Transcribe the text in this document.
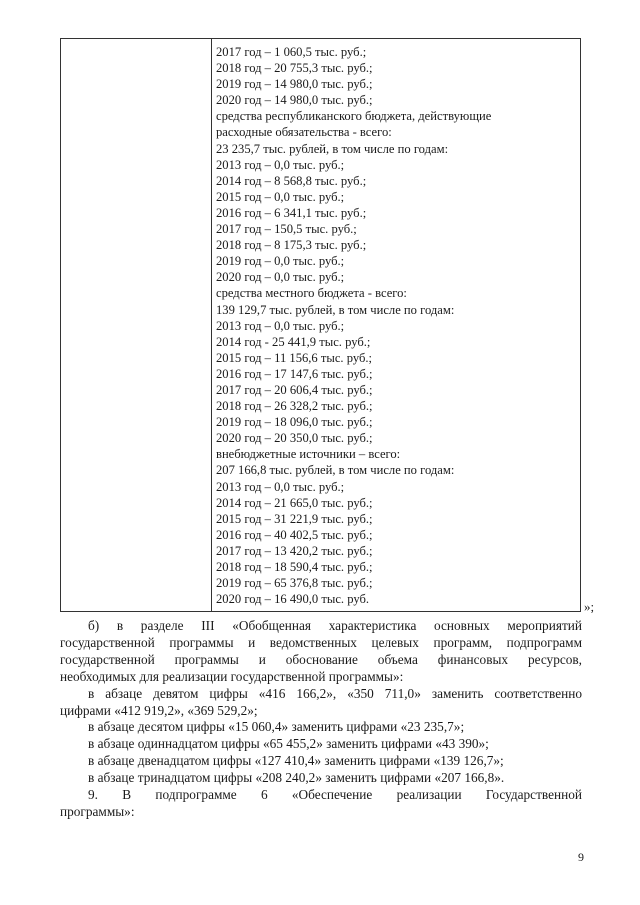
2017 год – 1 060,5 тыс. руб.;
2018 год – 20 755,3 тыс. руб.;
2019 год – 14 980,0 тыс. руб.;
2020 год – 14 980,0 тыс. руб.;
средства республиканского бюджета, действующие
расходные обязательства - всего:
23 235,7 тыс. рублей, в том числе по годам:
2013 год – 0,0 тыс. руб.;
2014 год – 8 568,8 тыс. руб.;
2015 год – 0,0 тыс. руб.;
2016 год – 6 341,1 тыс. руб.;
2017 год – 150,5 тыс. руб.;
2018 год – 8 175,3 тыс. руб.;
2019 год – 0,0 тыс. руб.;
2020 год – 0,0 тыс. руб.;
средства местного бюджета - всего:
139 129,7 тыс. рублей, в том числе по годам:
2013 год – 0,0 тыс. руб.;
2014 год - 25 441,9 тыс. руб.;
2015 год – 11 156,6 тыс. руб.;
2016 год – 17 147,6 тыс. руб.;
2017 год – 20 606,4 тыс. руб.;
2018 год – 26 328,2 тыс. руб.;
2019 год – 18 096,0 тыс. руб.;
2020 год – 20 350,0 тыс. руб.;
внебюджетные источники – всего:
207 166,8 тыс. рублей, в том числе по годам:
2013 год – 0,0 тыс. руб.;
2014 год – 21 665,0 тыс. руб.;
2015 год – 31 221,9 тыс. руб.;
2016 год – 40 402,5 тыс. руб.;
2017 год – 13 420,2 тыс. руб.;
2018 год – 18 590,4 тыс. руб.;
2019 год – 65 376,8 тыс. руб.;
2020 год – 16 490,0 тыс. руб.	»;
б) в разделе III «Обобщенная характеристика основных мероприятий
государственной программы и ведомственных целевых программ, подпрограмм
государственной программы и обоснование объема финансовых ресурсов,
необходимых для реализации государственной программы»:
в абзаце девятом цифры «416 166,2», «350 711,0» заменить соответственно
цифрами «412 919,2», «369 529,2»;
в абзаце десятом цифры «15 060,4» заменить цифрами «23 235,7»;
в абзаце одиннадцатом цифры «65 455,2» заменить цифрами «43 390»;
в абзаце двенадцатом цифры «127 410,4» заменить цифрами «139 126,7»;
в абзаце тринадцатом цифры «208 240,2» заменить цифрами «207 166,8».
9. В подпрограмме 6 «Обеспечение реализации Государственной
программы»:
9
